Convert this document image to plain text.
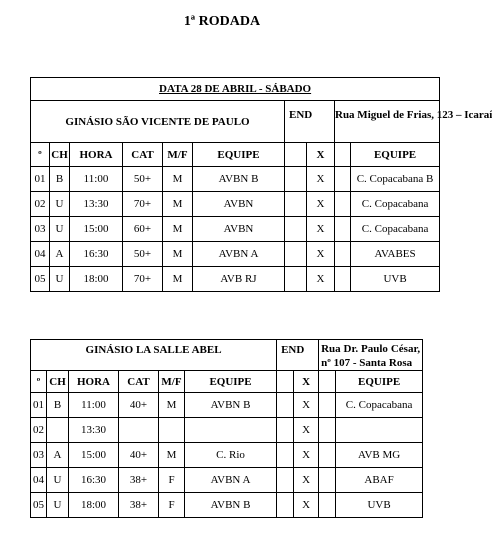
1ª RODADA
DATA 28 DE ABRIL - SÁBADO									
GINÁSIO SÃO VICENTE DE PAULO						END		Rua Miguel de Frias, 123 – Icaraí	
º	CH	HORA	CAT	M/F	EQUIPE		X		EQUIPE
01	B	11:00	50+	M	AVBN B		X		C. Copacabana B
02	U	13:30	70+	M	AVBN		X		C. Copacabana
03	U	15:00	60+	M	AVBN		X		C. Copacabana
04	A	16:30	50+	M	AVBN A		X		AVABES
05	U	18:00	70+	M	AVB RJ		X		UVB
GINÁSIO LA SALLE ABEL						END		Rua Dr. Paulo César, nº 107 - Santa Rosa	
º	CH	HORA	CAT	M/F	EQUIPE		X		EQUIPE
01	B	11:00	40+	M	AVBN B		X		C. Copacabana
02		13:30					X		
03	A	15:00	40+	M	C. Rio		X		AVB MG
04	U	16:30	38+	F	AVBN A		X		ABAF
05	U	18:00	38+	F	AVBN B		X		UVB
